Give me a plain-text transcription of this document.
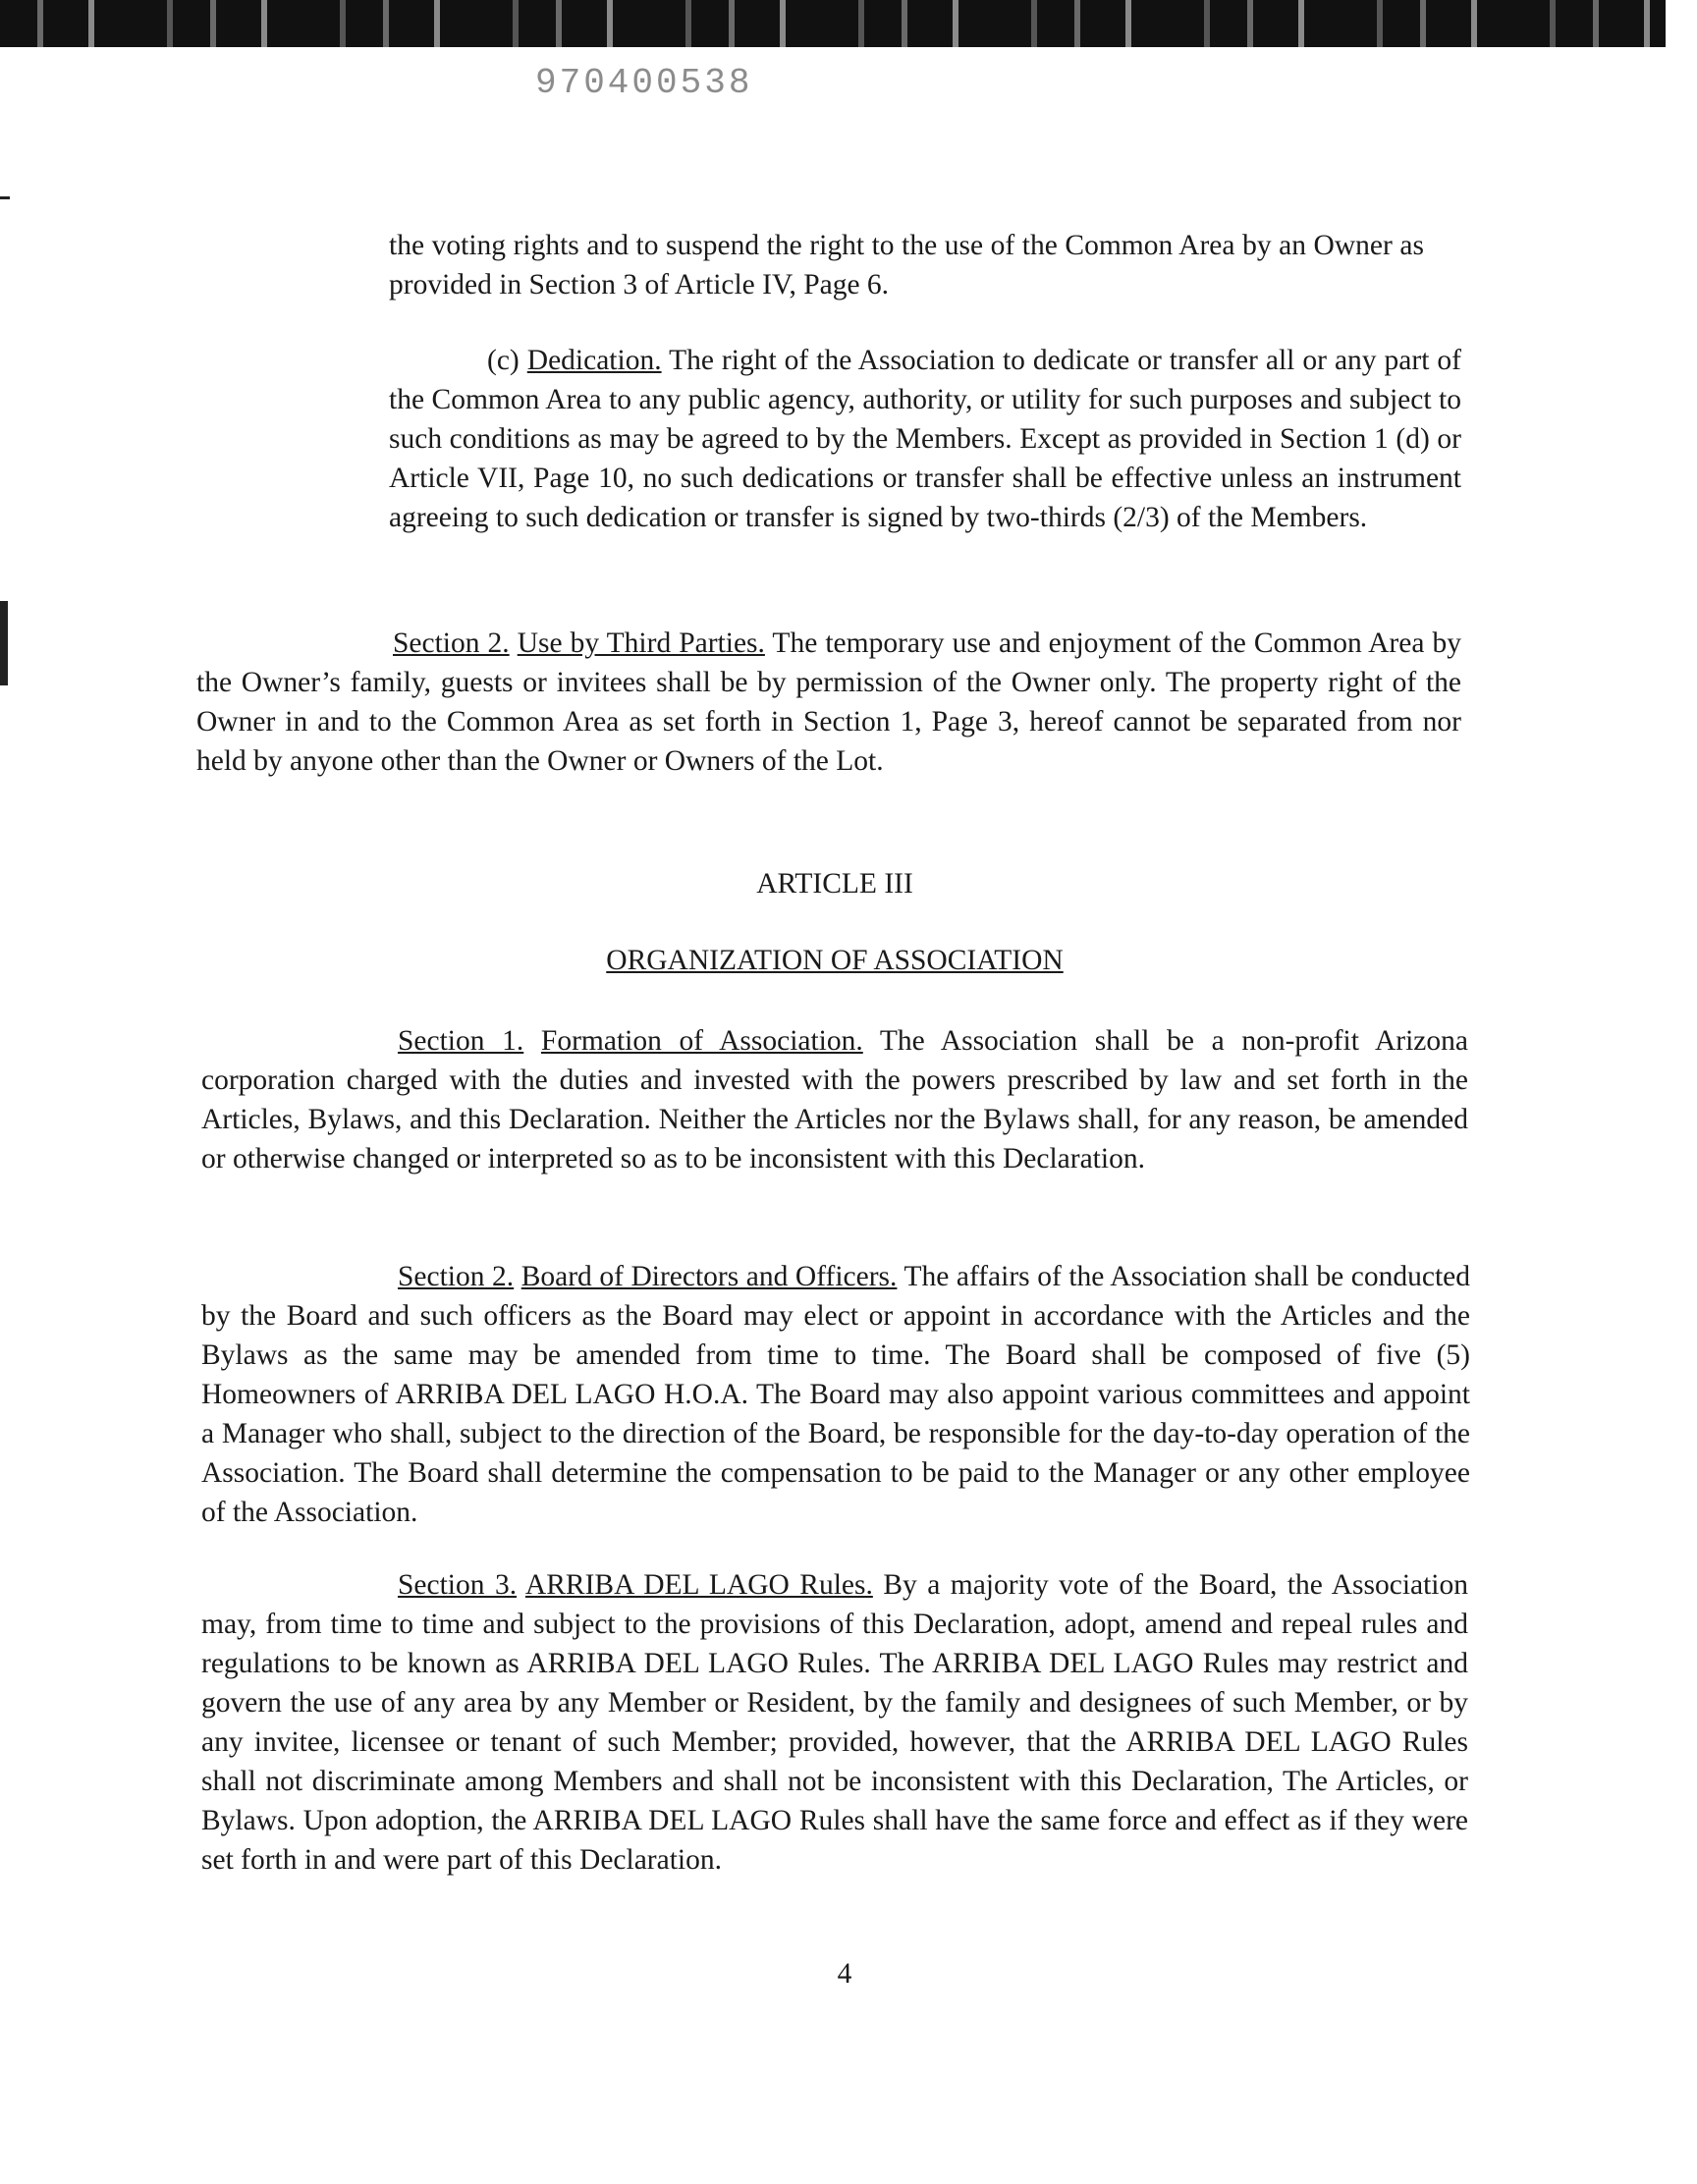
970400538

the voting rights and to suspend the right to the use of the Common Area by an Owner as provided in Section 3 of Article IV, Page 6.

(c) Dedication. The right of the Association to dedicate or transfer all or any part of the Common Area to any public agency, authority, or utility for such purposes and subject to such conditions as may be agreed to by the Members. Except as provided in Section 1 (d) or Article VII, Page 10, no such dedications or transfer shall be effective unless an instrument agreeing to such dedication or transfer is signed by two-thirds (2/3) of the Members.

Section 2. Use by Third Parties. The temporary use and enjoyment of the Common Area by the Owner’s family, guests or invitees shall be by permission of the Owner only. The property right of the Owner in and to the Common Area as set forth in Section 1, Page 3, hereof cannot be separated from nor held by anyone other than the Owner or Owners of the Lot.

ARTICLE III
ORGANIZATION OF ASSOCIATION

Section 1. Formation of Association. The Association shall be a non-profit Arizona corporation charged with the duties and invested with the powers prescribed by law and set forth in the Articles, Bylaws, and this Declaration. Neither the Articles nor the Bylaws shall, for any reason, be amended or otherwise changed or interpreted so as to be inconsistent with this Declaration.

Section 2. Board of Directors and Officers. The affairs of the Association shall be conducted by the Board and such officers as the Board may elect or appoint in accordance with the Articles and the Bylaws as the same may be amended from time to time. The Board shall be composed of five (5) Homeowners of ARRIBA DEL LAGO H.O.A. The Board may also appoint various committees and appoint a Manager who shall, subject to the direction of the Board, be responsible for the day-to-day operation of the Association. The Board shall determine the compensation to be paid to the Manager or any other employee of the Association.

Section 3. ARRIBA DEL LAGO Rules. By a majority vote of the Board, the Association may, from time to time and subject to the provisions of this Declaration, adopt, amend and repeal rules and regulations to be known as ARRIBA DEL LAGO Rules. The ARRIBA DEL LAGO Rules may restrict and govern the use of any area by any Member or Resident, by the family and designees of such Member, or by any invitee, licensee or tenant of such Member; provided, however, that the ARRIBA DEL LAGO Rules shall not discriminate among Members and shall not be inconsistent with this Declaration, The Articles, or Bylaws. Upon adoption, the ARRIBA DEL LAGO Rules shall have the same force and effect as if they were set forth in and were part of this Declaration.

4
